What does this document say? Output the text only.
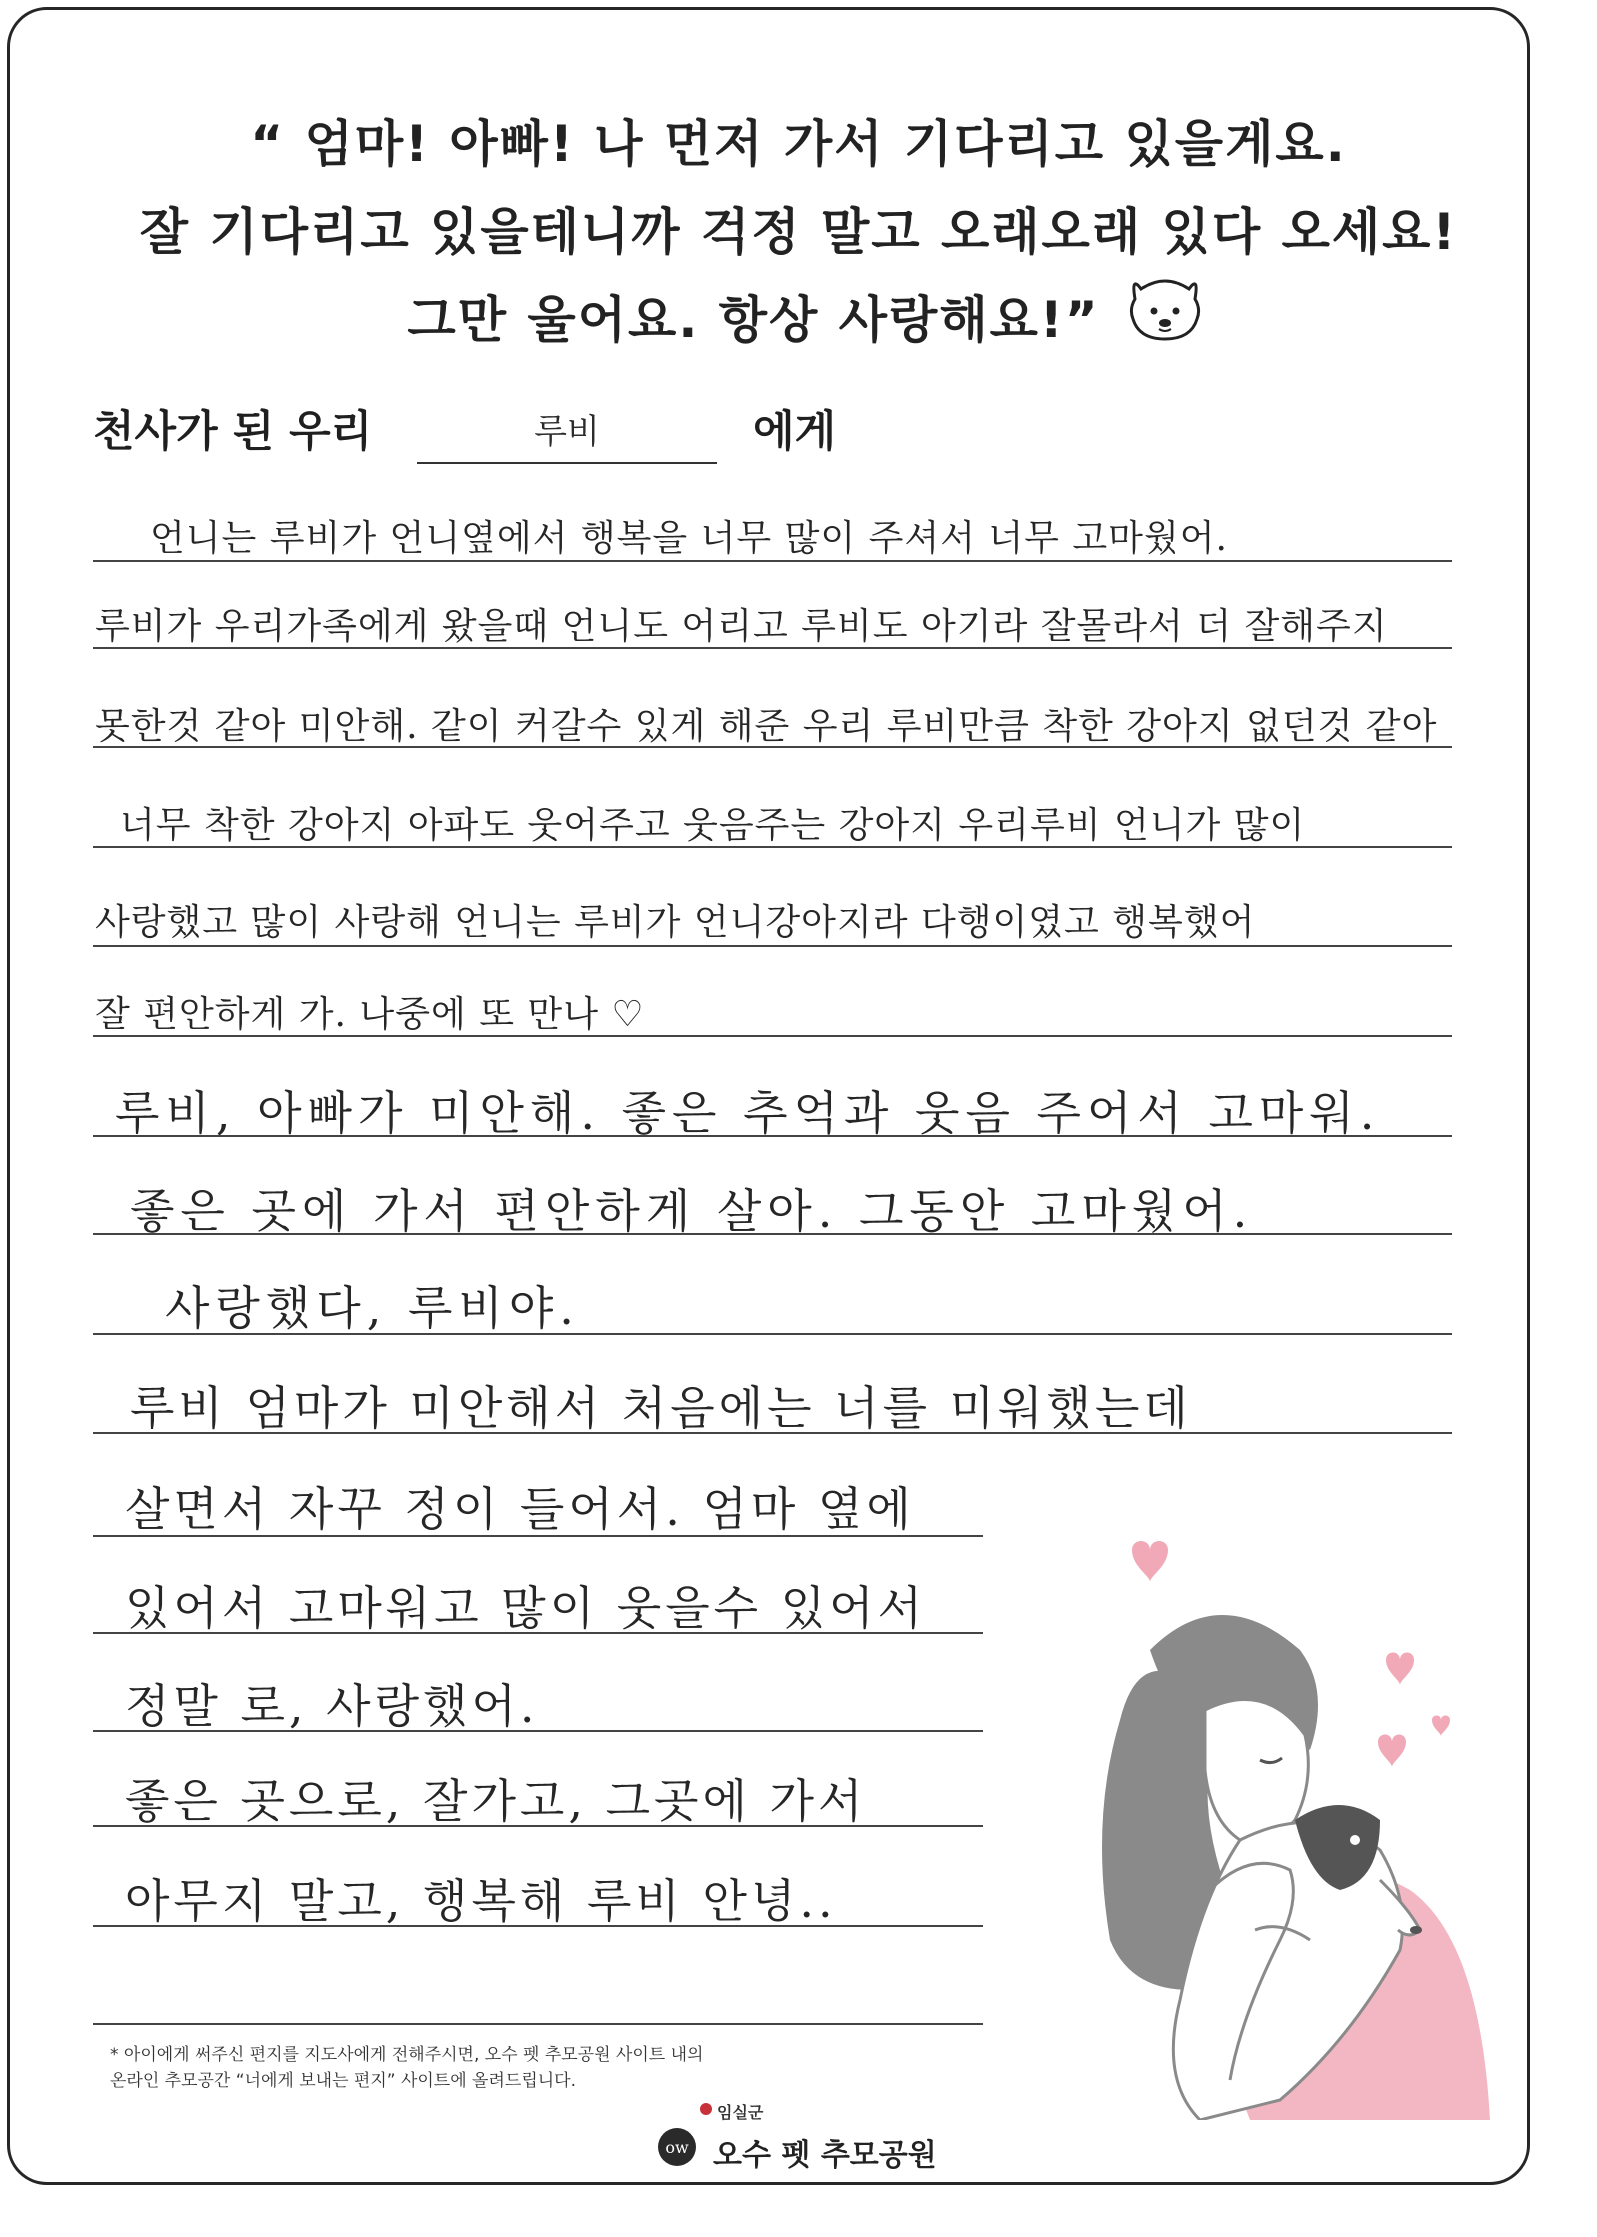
“ 엄마! 아빠! 나 먼저 가서 기다리고 있을게요.
잘 기다리고 있을테니까 걱정 말고 오래오래 있다 오세요!
그만 울어요. 항상 사랑해요!”
천사가 된 우리	루비	에게
언니는 루비가 언니옆에서 행복을 너무 많이 주셔서 너무 고마웠어.
루비가 우리가족에게 왔을때 언니도 어리고 루비도 아기라 잘몰라서 더 잘해주지
못한것 같아 미안해. 같이 커갈수 있게 해준 우리 루비만큼 착한 강아지 없던것 같아
너무 착한 강아지 아파도 웃어주고 웃음주는 강아지 우리루비 언니가 많이
사랑했고 많이 사랑해 언니는 루비가 언니강아지라 다행이였고 행복했어
잘 편안하게 가. 나중에 또 만나 ♡
루비, 아빠가 미안해. 좋은 추억과 웃음 주어서 고마워.
좋은 곳에 가서 편안하게 살아. 그동안 고마웠어.
사랑했다, 루비야.
루비 엄마가 미안해서 처음에는 너를 미워했는데
살면서 자꾸 정이 들어서. 엄마 옆에
있어서 고마워고 많이 웃을수 있어서
정말 로, 사랑했어.
좋은 곳으로, 잘가고, 그곳에 가서
아무지 말고, 행복해 루비 안녕..
* 아이에게 써주신 편지를 지도사에게 전해주시면, 오수 펫 추모공원 사이트 내의
온라인 추모공간 “너에게 보내는 편지” 사이트에 올려드립니다.
ow
임실군
오수 펫 추모공원
